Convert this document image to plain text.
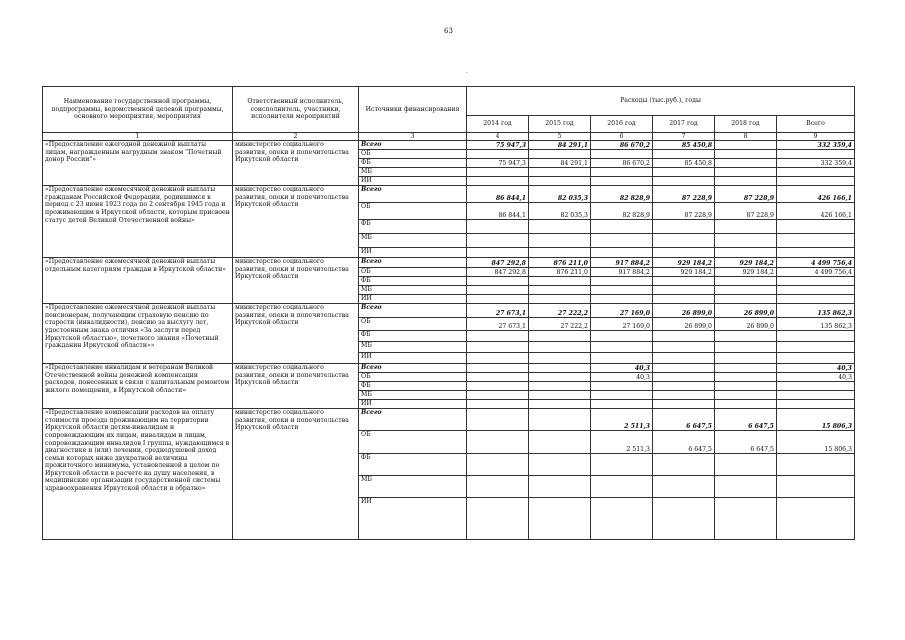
63
·
Наименование государственной программы, подпрограммы, ведомственной целевой программы, основного мероприятия, мероприятия	Ответственный исполнитель, соисполнитель, участники, исполнители мероприятий	Источники финансирования	Расходы (тыс.руб.), годы					
			2014 год	2015 год	2016 год	2017 год	2018 год	Всего
1	2	3	4	5	6	7	8	9
«Предоставление ежегодной денежной выплаты лицам, награжденным нагрудным знаком "Почетный донор России"»	министерство социального развития, опеки и попечительства Иркутской области	Всего	75 947,3	84 291,1	86 670,2	85 450,8		332 359,4
		ОБ						
		ФБ	75 947,3	84 291,1	86 670,2	85 450,8		332 359,4
		МБ						
		ИИ						
«Предоставление ежемесячной денежной выплаты гражданам Российской Федерации, родившимся в период с 23 июня 1923 года по 2 сентября 1945 года и проживающим в Иркутской области, которым присвоен статус детей Великой Отечественной войны»	министерство социального развития, опеки и попечительства Иркутской области	Всего	86 844,1	82 035,3	82 828,9	87 228,9	87 228,9	426 166,1
		ОБ	86 844,1	82 035,3	82 828,9	87 228,9	87 228,9	426 166,1
		ФБ						
		МБ						
		ИИ						
«Предоставление ежемесячной денежной выплаты отдельным категориям граждан в Иркутской области»	министерство социального развития, опеки и попечительства Иркутской области	Всего	847 292,8	876 211,0	917 884,2	929 184,2	929 184,2	4 499 756,4
		ОБ	847 292,8	876 211,0	917 884,2	929 184,2	929 184,2	4 499 756,4
		ФБ						
		МБ						
		ИИ						
«Предоставление ежемесячной денежной выплаты пенсионерам, получающим страховую пенсию по старости (инвалидности), пенсию за выслугу лет, удостоенным знака отличия «За заслуги перед Иркутской областью», почетного звания «Почетный гражданин Иркутской области»»	министерство социального развития, опеки и попечительства Иркутской области	Всего	27 673,1	27 222,2	27 169,0	26 899,0	26 899,0	135 862,3
		ОБ	27 673,1	27 222,2	27 169,0	26 899,0	26 899,0	135 862,3
		ФБ						
		МБ						
		ИИ						
«Предоставление инвалидам и ветеранам Великой Отечественной войны денежной компенсации расходов, понесенных в связи с капитальным ремонтом жилого помещения, в Иркутской области»	министерство социального развития, опеки и попечительства Иркутской области	Всего			40,3			40,3
		ОБ			40,3			40,3
		ФБ						
		МБ						
		ИИ						
«Предоставление компенсации расходов на оплату стоимости проезда проживающим на территории Иркутской области детям-инвалидам и сопровождающим их лицам, инвалидам и лицам, сопровождающим инвалидов I группы, нуждающимся в диагностике и (или) лечении, среднедушевой доход семьи которых ниже двукратной величины прожиточного минимума, установленной в целом по Иркутской области в расчете на душу населения, в медицинские организации государственной системы здравоохранения Иркутской области и обратно»	министерство социального развития, опеки и попечительства Иркутской области	Всего			2 511,3	6 647,5	6 647,5	15 806,3
		ОБ			2 511,3	6 647,5	6 647,5	15 806,3
		ФБ						
		МБ						
		ИИ						
